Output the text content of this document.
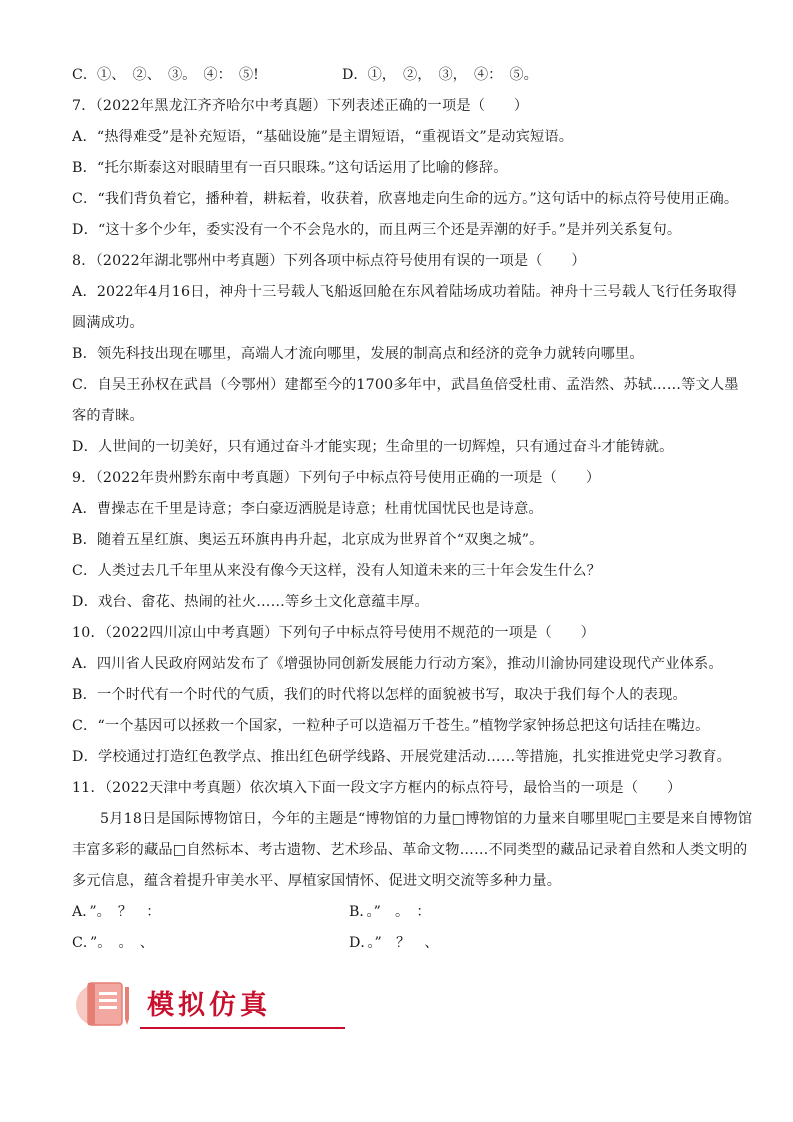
C．①、　②、　③。　④：　⑤!	D．①，　②，　③，　④：　⑤。
7．（2022年黑龙江齐齐哈尔中考真题）下列表述正确的一项是（　　）
A．“热得难受”是补充短语，“基础设施”是主谓短语，“重视语文”是动宾短语。
B．“托尔斯泰这对眼睛里有一百只眼珠。”这句话运用了比喻的修辞。
C．“我们背负着它，播种着，耕耘着，收获着，欣喜地走向生命的远方。”这句话中的标点符号使用正确。
D．“这十多个少年，委实没有一个不会凫水的，而且两三个还是弄潮的好手。”是并列关系复句。
8．（2022年湖北鄂州中考真题）下列各项中标点符号使用有误的一项是（　　）
A．2022年4月16日，神舟十三号载人飞船返回舱在东风着陆场成功着陆。神舟十三号载人飞行任务取得
圆满成功。
B．领先科技出现在哪里，高端人才流向哪里，发展的制高点和经济的竞争力就转向哪里。
C．自吴王孙权在武昌（今鄂州）建都至今的1700多年中，武昌鱼倍受杜甫、孟浩然、苏轼……等文人墨
客的青睐。
D．人世间的一切美好，只有通过奋斗才能实现；生命里的一切辉煌，只有通过奋斗才能铸就。
9．（2022年贵州黔东南中考真题）下列句子中标点符号使用正确的一项是（　　）
A．曹操志在千里是诗意；李白豪迈洒脱是诗意；杜甫忧国忧民也是诗意。
B．随着五星红旗、奥运五环旗冉冉升起，北京成为世界首个“双奥之城”。
C．人类过去几千年里从来没有像今天这样，没有人知道未来的三十年会发生什么？
D．戏台、畲花、热闹的社火……等乡土文化意蕴丰厚。
10．（2022四川凉山中考真题）下列句子中标点符号使用不规范的一项是（　　）
A．四川省人民政府网站发布了《增强协同创新发展能力行动方案》，推动川渝协同建设现代产业体系。
B．一个时代有一个时代的气质，我们的时代将以怎样的面貌被书写，取决于我们每个人的表现。
C．“一个基因可以拯救一个国家，一粒种子可以造福万千苍生。”植物学家钟扬总把这句话挂在嘴边。
D．学校通过打造红色教学点、推出红色研学线路、开展党建活动……等措施，扎实推进党史学习教育。
11．（2022天津中考真题）依次填入下面一段文字方框内的标点符号，最恰当的一项是（　　）
5月18日是国际博物馆日，今年的主题是“博物馆的力量□博物馆的力量来自哪里呢□主要是来自博物馆
丰富多彩的藏品□自然标本、考古遗物、艺术珍品、革命文物……不同类型的藏品记录着自然和人类文明的
多元信息，蕴含着提升审美水平、厚植家国情怀、促进文明交流等多种力量。
A．”。　？　：	B．。”　。　：
C．”。　。　、	D．。”　？　、
模拟仿真
